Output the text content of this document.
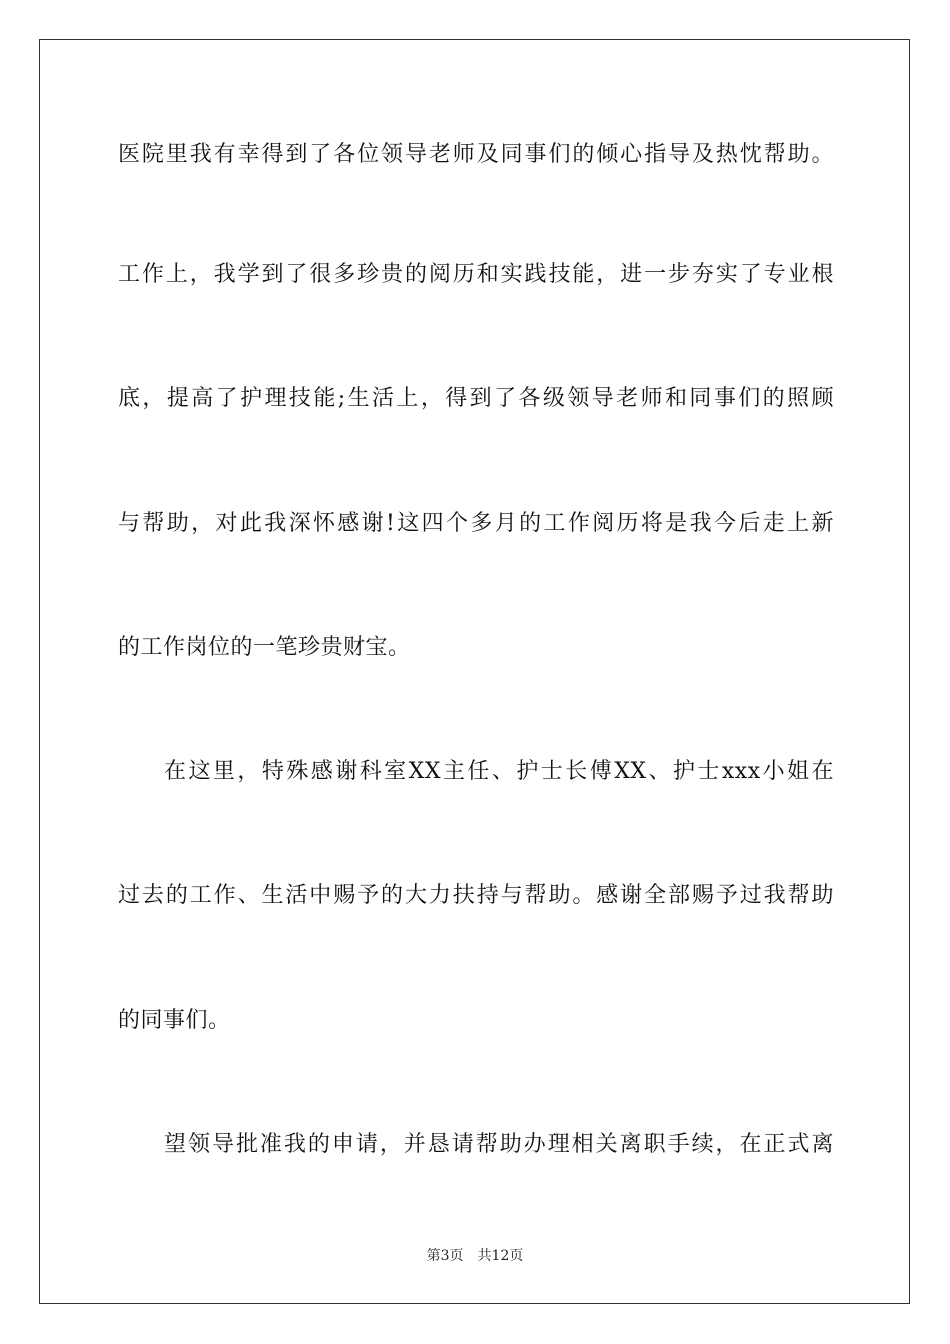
医院里我有幸得到了各位领导老师及同事们的倾心指导及热忱帮助。
工作上，我学到了很多珍贵的阅历和实践技能，进一步夯实了专业根
底，提高了护理技能;生活上，得到了各级领导老师和同事们的照顾
与帮助，对此我深怀感谢!这四个多月的工作阅历将是我今后走上新
的工作岗位的一笔珍贵财宝。
在这里，特殊感谢科室XX主任、护士长傅XX、护士xxx小姐在
过去的工作、生活中赐予的大力扶持与帮助。感谢全部赐予过我帮助
的同事们。
望领导批准我的申请，并恳请帮助办理相关离职手续，在正式离
第3页 共12页
